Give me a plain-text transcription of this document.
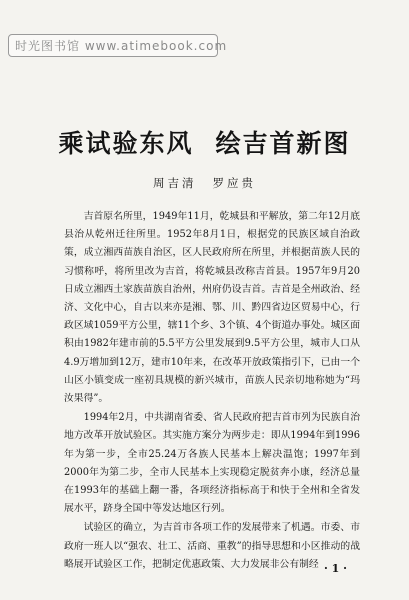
时光图书馆 www.atimebook.com
乘试验东风 绘吉首新图
周吉清 罗应贵

吉首原名所里，1949年11月，乾城县和平解放，第二年12月底县治从乾州迁往所里。1952年8月1日，根据党的民族区域自治政策，成立湘西苗族自治区，区人民政府所在所里，并根据苗族人民的习惯称呼，将所里改为吉首，将乾城县改称吉首县。1957年9月20日成立湘西土家族苗族自治州，州府仍设吉首。吉首是全州政治、经济、文化中心，自古以来亦是湘、鄂、川、黔四省边区贸易中心，行政区域1059平方公里，辖11个乡、3个镇、4个街道办事处。城区面积由1982年建市前的5.5平方公里发展到9.5平方公里，城市人口从4.9万增加到12万，建市10年来，在改革开放政策指引下，已由一个山区小镇变成一座初具规模的新兴城市，苗族人民亲切地称她为“玛汝果得”。

1994年2月，中共湖南省委、省人民政府把吉首市列为民族自治地方改革开放试验区。其实施方案分为两步走：即从1994年到1996年为第一步，全市25.24万各族人民基本上解决温饱；1997年到2000年为第二步，全市人民基本上实现稳定脱贫奔小康，经济总量在1993年的基础上翻一番，各项经济指标高于和快于全州和全省发展水平，跻身全国中等发达地区行列。

试验区的确立，为吉首市各项工作的发展带来了机遇。市委、市政府一班人以“强农、壮工、活商、重教”的指导思想和小区推动的战略展开试验区工作，把制定优惠政策、大力发展非公有制经 · 1 ·
